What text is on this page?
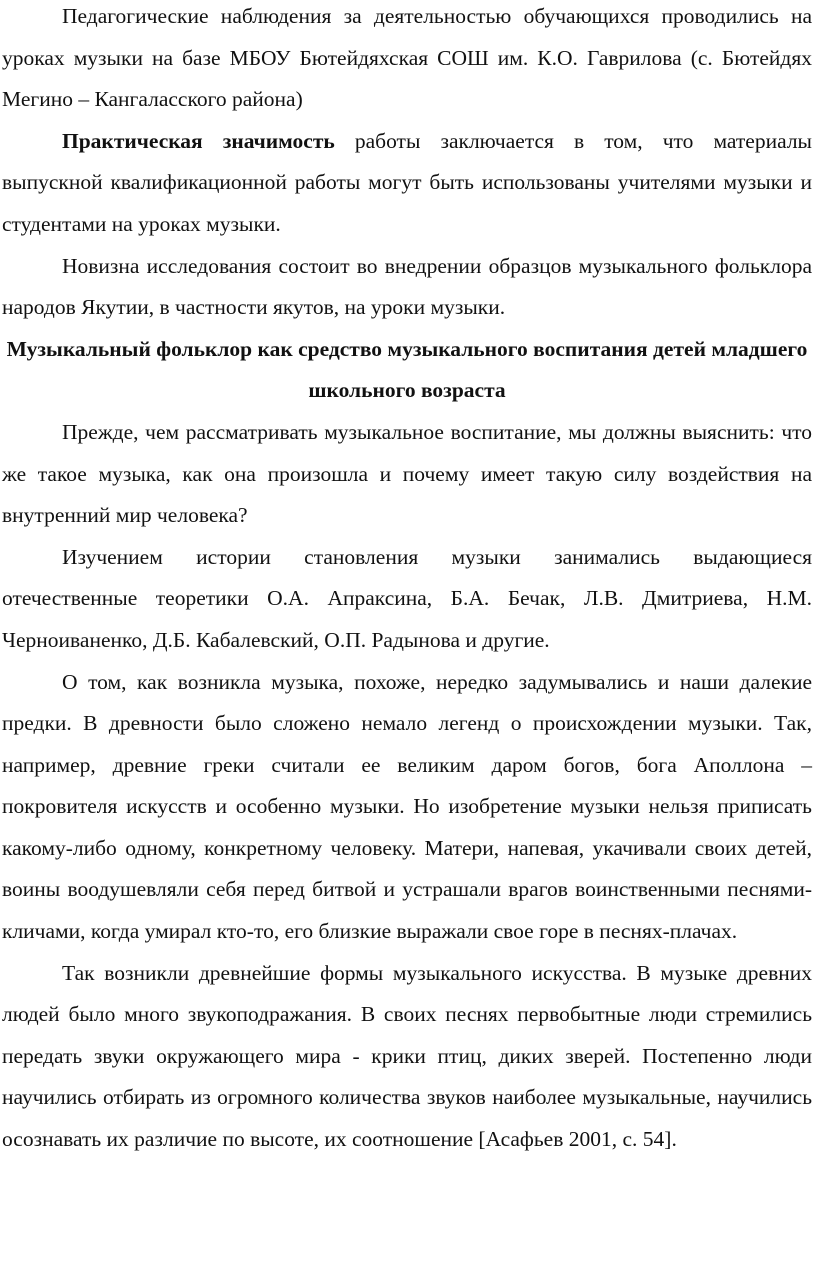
Педагогические наблюдения за деятельностью обучающихся проводились на уроках музыки на базе МБОУ Бютейдяхская СОШ им. К.О. Гаврилова (с. Бютейдях Мегино – Кангаласского района)

Практическая значимость работы заключается в том, что материалы выпускной квалификационной работы могут быть использованы учителями музыки и студентами на уроках музыки.

Новизна исследования состоит во внедрении образцов музыкального фольклора народов Якутии, в частности якутов, на уроки музыки.

Музыкальный фольклор как средство музыкального воспитания детей младшего школьного возраста

Прежде, чем рассматривать музыкальное воспитание, мы должны выяснить: что же такое музыка, как она произошла и почему имеет такую силу воздействия на внутренний мир человека?

Изучением истории становления музыки занимались выдающиеся отечественные теоретики О.А. Апраксина, Б.А. Бечак, Л.В. Дмитриева, Н.М. Черноиваненко, Д.Б. Кабалевский, О.П. Радынова и другие.

О том, как возникла музыка, похоже, нередко задумывались и наши далекие предки. В древности было сложено немало легенд о происхождении музыки. Так, например, древние греки считали ее великим даром богов, бога Аполлона – покровителя искусств и особенно музыки. Но изобретение музыки нельзя приписать какому-либо одному, конкретному человеку. Матери, напевая, укачивали своих детей, воины воодушевляли себя перед битвой и устрашали врагов воинственными песнями-кличами, когда умирал кто-то, его близкие выражали свое горе в песнях-плачах.

Так возникли древнейшие формы музыкального искусства. В музыке древних людей было много звукоподражания. В своих песнях первобытные люди стремились передать звуки окружающего мира - крики птиц, диких зверей. Постепенно люди научились отбирать из огромного количества звуков наиболее музыкальные, научились осознавать их различие по высоте, их соотношение [Асафьев 2001, с. 54].
